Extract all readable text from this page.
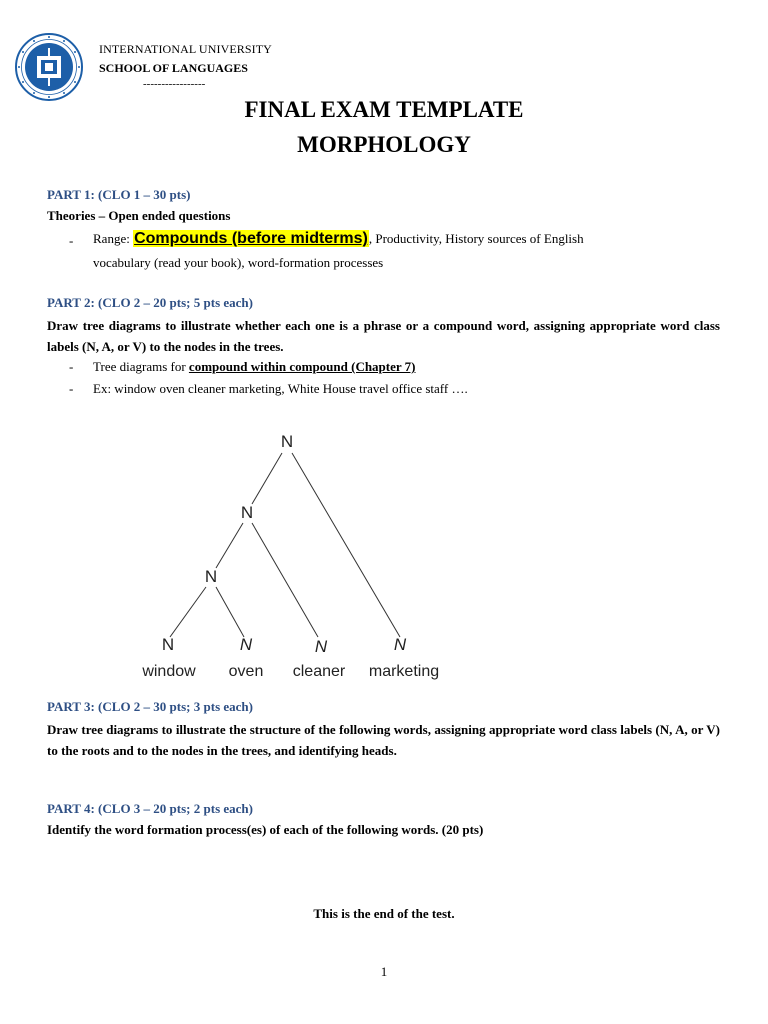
INTERNATIONAL UNIVERSITY
SCHOOL OF LANGUAGES
-----------------
FINAL EXAM TEMPLATE
MORPHOLOGY
PART 1: (CLO 1 – 30 pts)
Theories – Open ended questions
- Range: Compounds (before midterms), Productivity, History sources of English
vocabulary (read your book), word-formation processes
PART 2: (CLO 2 – 20 pts; 5 pts each)
Draw tree diagrams to illustrate whether each one is a phrase or a compound word, assigning appropriate word class labels (N, A, or V) to the nodes in the trees.
- Tree diagrams for compound within compound (Chapter 7)
- Ex: window oven cleaner marketing, White House travel office staff ….
N
N
N
N	N	N	N
window oven cleaner marketing
PART 3: (CLO 2 – 30 pts; 3 pts each)
Draw tree diagrams to illustrate the structure of the following words, assigning appropriate word class labels (N, A, or V) to the roots and to the nodes in the trees, and identifying heads.
PART 4: (CLO 3 – 20 pts; 2 pts each)
Identify the word formation process(es) of each of the following words. (20 pts)
This is the end of the test.
1
